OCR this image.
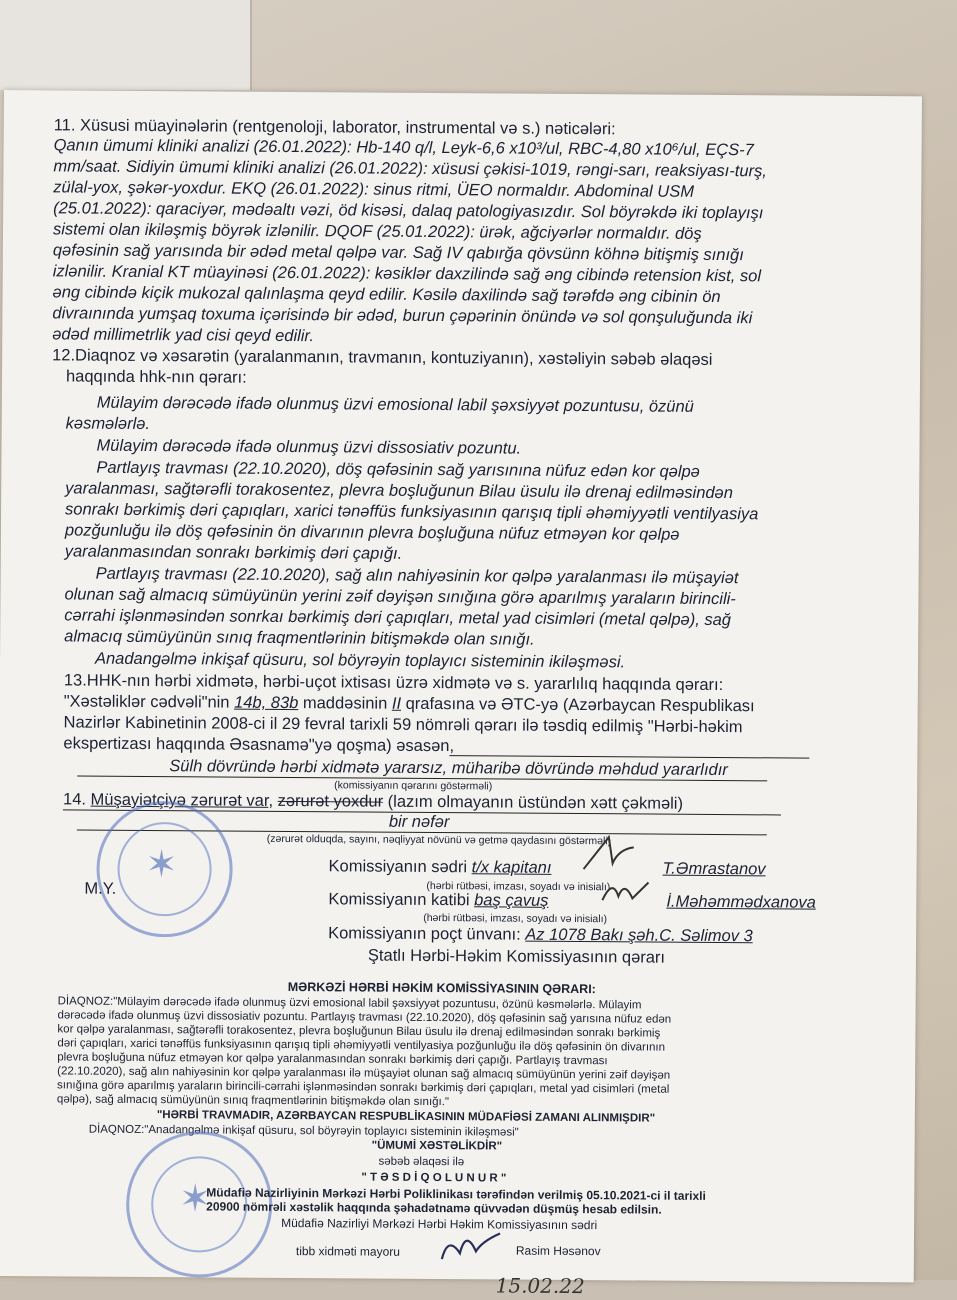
11. Xüsusi müayinələrin (rentgenoloji, laborator, instrumental və s.) nəticələri:
Qanın ümumi kliniki analizi (26.01.2022): Hb-140 q/l, Leyk-6,6 x10³/ul, RBC-4,80 x10⁶/ul, EÇS-7
mm/saat. Sidiyin ümumi kliniki analizi (26.01.2022): xüsusi çəkisi-1019, rəngi-sarı, reaksiyası-turş,
zülal-yox, şəkər-yoxdur. EKQ (26.01.2022): sinus ritmi, ÜEO normaldır. Abdominal USM
(25.01.2022): qaraciyər, mədəaltı vəzi, öd kisəsi, dalaq patologiyasızdır. Sol böyrəkdə iki toplayışı
sistemi olan ikiləşmiş böyrək izlənilir. DQOF (25.01.2022): ürək, ağciyərlər normaldır. döş
qəfəsinin sağ yarısında bir ədəd metal qəlpə var. Sağ IV qabırğa qövsünn köhnə bitişmiş sınığı
izlənilir. Kranial KT müayinəsi (26.01.2022): kəsiklər daxzilində sağ əng cibində retension kist, sol
əng cibində kiçik mukozal qalınlaşma qeyd edilir. Kəsilə daxilində sağ tərəfdə əng cibinin ön
divraınında yumşaq toxuma içərisində bir ədəd, burun çəpərinin önündə və sol qonşuluğunda iki
ədəd millimetrlik yad cisi qeyd edilir.
12.Diaqnoz və xəsarətin (yaralanmanın, travmanın, kontuziyanın), xəstəliyin səbəb əlaqəsi
haqqında hhk-nın qərarı:
Mülayim dərəcədə ifadə olunmuş üzvi emosional labil şəxsiyyət pozuntusu, özünü
kəsmələrlə.
Mülayim dərəcədə ifadə olunmuş üzvi dissosiativ pozuntu.
Partlayış travması (22.10.2020), döş qəfəsinin sağ yarısınına nüfuz edən kor qəlpə
yaralanması, sağtərəfli torakosentez, plevra boşluğunun Bilau üsulu ilə drenaj edilməsindən
sonrakı bərkimiş dəri çapıqları, xarici tənəffüs funksiyasının qarışıq tipli əhəmiyyətli ventilyasiya
pozğunluğu ilə döş qəfəsinin ön divarının plevra boşluğuna nüfuz etməyən kor qəlpə
yaralanmasından sonrakı bərkimiş dəri çapığı.
Partlayış travması (22.10.2020), sağ alın nahiyəsinin kor qəlpə yaralanması ilə müşayiət
olunan sağ almacıq sümüyünün yerini zəif dəyişən sınığına görə aparılmış yaraların birincili-
cərrahi işlənməsindən sonrkaı bərkimiş dəri çapıqları, metal yad cisimləri (metal qəlpə), sağ
almacıq sümüyünün sınıq fraqmentlərinin bitişməkdə olan sınığı.
Anadangəlmə inkişaf qüsuru, sol böyrəyin toplayıcı sisteminin ikiləşməsi.
13.HHK-nın hərbi xidmətə, hərbi-uçot ixtisası üzrə xidmətə və s. yararlılıq haqqında qərarı:
"Xəstəliklər cədvəli"nin 14b, 83b maddəsinin II qrafasına və ƏTC-yə (Azərbaycan Respublikası
Nazirlər Kabinetinin 2008-ci il 29 fevral tarixli 59 nömrəli qərarı ilə təsdiq edilmiş "Hərbi-həkim
ekspertizası haqqında Əsasnamə"yə qoşma) əsasən,
Sülh dövründə hərbi xidmətə yararsız, müharibə dövründə məhdud yararlıdır
(komissiyanın qərarını göstərməli)
14. Müşayiətçiyə zərurət var, zərurət yoxdur (lazım olmayanın üstündən xətt çəkməli)
bir nəfər
(zərurət olduqda, sayını, nəqliyyat növünü və getmə qaydasını göstərməli)
✶	Komissiyanın sədri t/x kapitanı	T.Əmrastanov
(hərbi rütbəsi, imzası, soyadı və inisialı)
M.Y.
Komissiyanın katibi baş çavuş	İ.Məhəmmədxanova
(hərbi rütbəsi, imzası, soyadı və inisialı)
Komissiyanın poçt ünvanı: Az 1078 Bakı şəh.C. Səlimov 3
Ştatlı Hərbi-Həkim Komissiyasının qərarı
MƏRKƏZİ HƏRBİ HƏKİM KOMİSSİYASININ QƏRARI:
DİAQNOZ:"Mülayim dərəcədə ifadə olunmuş üzvi emosional labil şəxsiyyət pozuntusu, özünü kəsmələrlə. Mülayim
dərəcədə ifadə olunmuş üzvi dissosiativ pozuntu. Partlayış travması (22.10.2020), döş qəfəsinin sağ yarısına nüfuz edən
kor qəlpə yaralanması, sağtərəfli torakosentez, plevra boşluğunun Bilau üsulu ilə drenaj edilməsindən sonrakı bərkimiş
dəri çapıqları, xarici tənəffüs funksiyasının qarışıq tipli əhəmiyyətli ventilyasiya pozğunluğu ilə döş qəfəsinin ön divarının
plevra boşluğuna nüfuz etməyən kor qəlpə yaralanmasından sonrakı bərkimiş dəri çapığı. Partlayış travması
(22.10.2020), sağ alın nahiyəsinin kor qəlpə yaralanması ilə müşayiət olunan sağ almacıq sümüyünün yerini zəif dəyişən
sınığına görə aparılmış yaraların birincili-cərrahi işlənməsindən sonrakı bərkimiş dəri çapıqları, metal yad cisimləri (metal
qəlpə), sağ almacıq sümüyünün sınıq fraqmentlərinin bitişməkdə olan sınığı."
"HƏRBİ TRAVMADIR, AZƏRBAYCAN RESPUBLİKASININ MÜDAFİƏSİ ZAMANI ALINMIŞDIR"
DİAQNOZ:"Anadangəlmə inkişaf qüsuru, sol böyrəyin toplayıcı sisteminin ikiləşməsi"
"ÜMUMİ XƏSTƏLİKDİR"
səbəb əlaqəsi ilə
" T Ə S D İ Q O L U N U R "
✶
Müdafiə Nazirliyinin Mərkəzi Hərbi Poliklinikası tərəfindən verilmiş 05.10.2021-ci il tarixli
20900 nömrəli xəstəlik haqqında şəhadətnamə qüvvədən düşmüş hesab edilsin.
Müdafiə Nazirliyi Mərkəzi Hərbi Həkim Komissiyasının sədri
tibb xidməti mayoru	Rasim Həsənov
15.02.22
